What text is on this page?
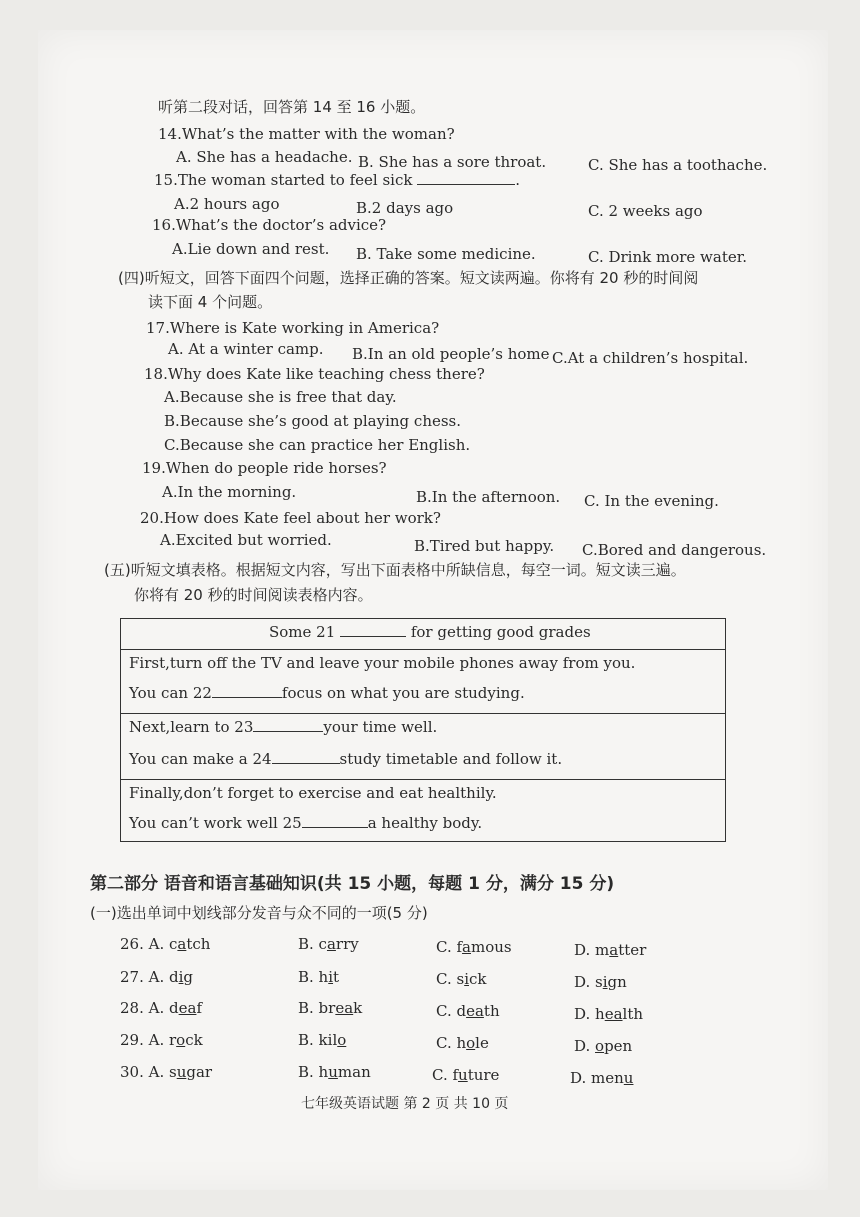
听第二段对话，回答第 14 至 16 小题。
14.What’s the matter with the woman?
A. She has a headache. B. She has a sore throat.	C. She has a toothache.
15.The woman started to feel sick	.
A.2 hours ago	B.2 days ago	C. 2 weeks ago
16.What’s the doctor’s advice?
A.Lie down and rest. B. Take some medicine.	C. Drink more water.
(四)听短文，回答下面四个问题，选择正确的答案。短文读两遍。你将有 20 秒的时间阅
读下面 4 个问题。
17.Where is Kate working in America?
A. At a winter camp. B.In an old people’s home C.At a children’s hospital.
18.Why does Kate like teaching chess there?
A.Because she is free that day.
B.Because she’s good at playing chess.
C.Because she can practice her English.
19.When do people ride horses?
A.In the morning.	B.In the afternoon. C. In the evening.
20.How does Kate feel about her work?
A.Excited but worried.	B.Tired but happy. C.Bored and dangerous.
(五)听短文填表格。根据短文内容，写出下面表格中所缺信息，每空一词。短文读三遍。
你将有 20 秒的时间阅读表格内容。
Some 21	for getting good grades
First,turn off the TV and leave your mobile phones away from you.
You can 22	focus on what you are studying.
Next,learn to 23	your time well.
You can make a 24	study timetable and follow it.
Finally,don’t forget to exercise and eat healthily.
You can’t work well 25	a healthy body.
第二部分 语音和语言基础知识(共 15 小题，每题 1 分，满分 15 分)
(一)选出单词中划线部分发音与众不同的一项(5 分)
26. A. catch	B. carry	C. famous	D. matter
27. A. dig	B. hit	C. sick	D. sign
28. A. deaf	B. break	C. death	D. health
29. A. rock	B. kilo	C. hole	D. open
30. A. sugar	B. human	C. future	D. menu
七年级英语试题 第 2 页 共 10 页
